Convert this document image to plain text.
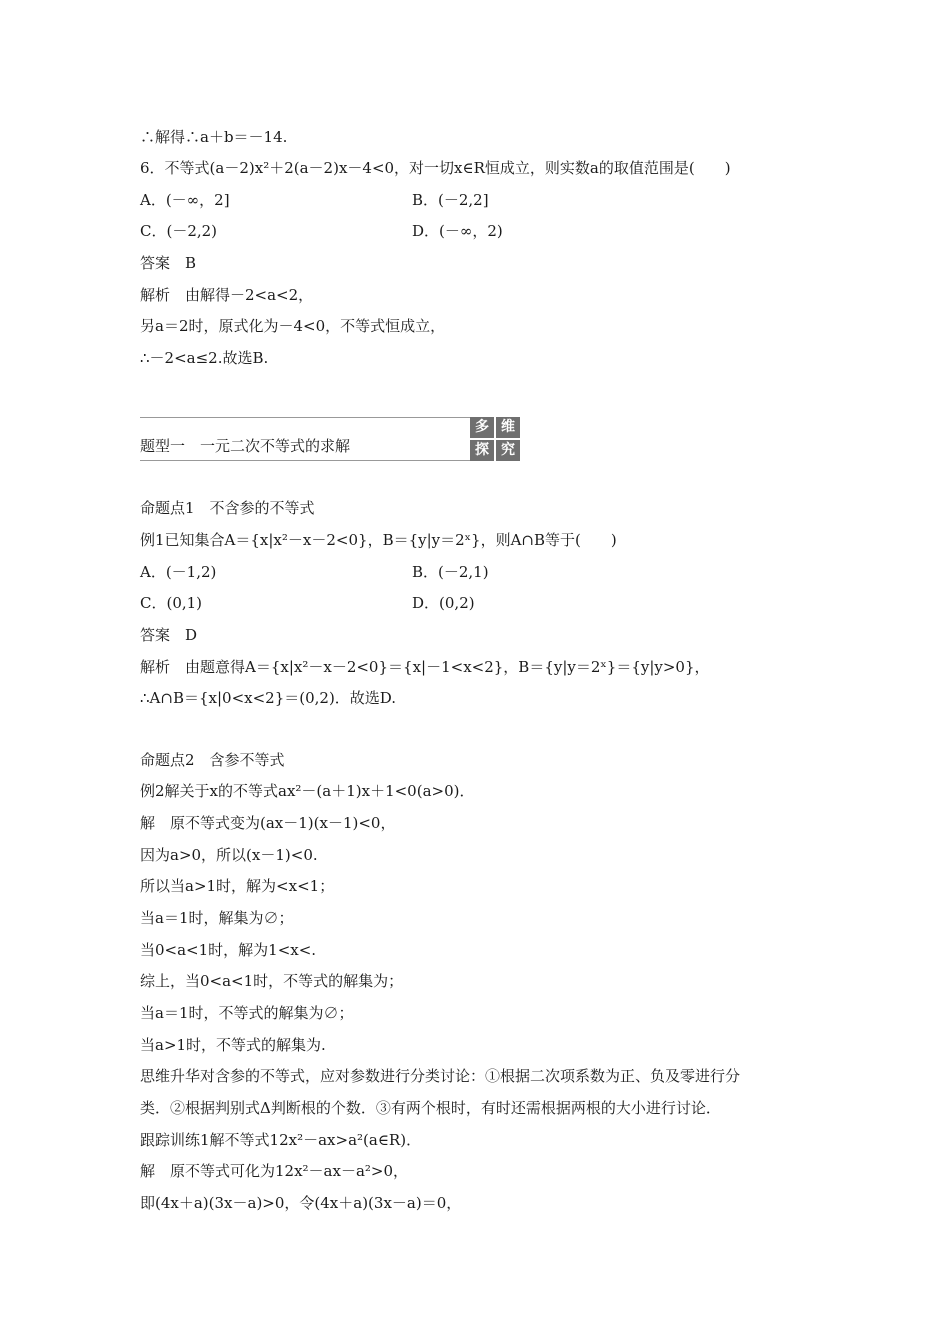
∴解得∴a＋b＝－14.
6．不等式(a－2)x²＋2(a－2)x－4<0，对一切x∈R恒成立，则实数a的取值范围是(　　)
A．(－∞，2]
C．(－2,2)
答案　B
解析　由解得－2<a<2，
另a＝2时，原式化为－4<0，不等式恒成立，
∴－2<a≤2.故选B.
命题点1　不含参的不等式
例1已知集合A＝{x|x²－x－2<0}，B＝{y|y＝2ˣ}，则A∩B等于(　　)
A．(－1,2)
C．(0,1)
答案　D
解析　由题意得A＝{x|x²－x－2<0}＝{x|－1<x<2}，B＝{y|y＝2ˣ}＝{y|y>0}，
∴A∩B＝{x|0<x<2}＝(0,2)．故选D.
命题点2　含参不等式
例2解关于x的不等式ax²－(a＋1)x＋1<0(a>0)．
解　原不等式变为(ax－1)(x－1)<0，
因为a>0，所以(x－1)<0.
所以当a>1时，解为<x<1；
当a＝1时，解集为∅；
当0<a<1时，解为1<x<.
综上，当0<a<1时，不等式的解集为；
当a＝1时，不等式的解集为∅；
当a>1时，不等式的解集为.
思维升华对含参的不等式，应对参数进行分类讨论：①根据二次项系数为正、负及零进行分
类．②根据判别式Δ判断根的个数．③有两个根时，有时还需根据两根的大小进行讨论．
跟踪训练1解不等式12x²－ax>a²(a∈R)．
解　原不等式可化为12x²－ax－a²>0，
即(4x＋a)(3x－a)>0，令(4x＋a)(3x－a)＝0，
B．(－2,2]
D．(－∞，2)
B．(－2,1)
D．(0,2)
题型一　一元二次不等式的求解
多 维
探 究
